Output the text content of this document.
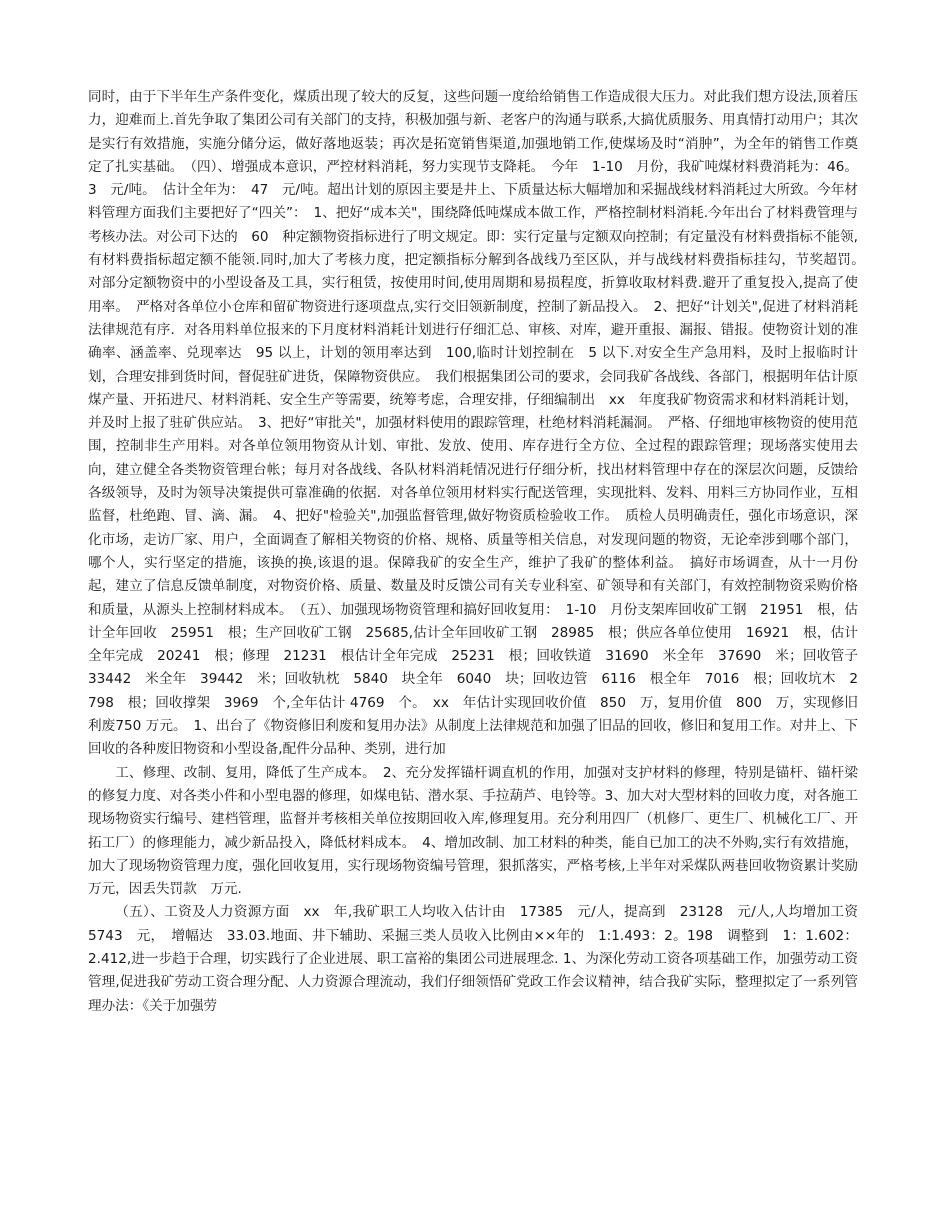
同时，由于下半年生产条件变化，煤质出现了较大的反复，这些问题一度给给销售工作造成很大压力。对此我们想方设法,顶着压力，迎难而上.首先争取了集团公司有关部门的支持，积极加强与新、老客户的沟通与联系,大搞优质服务、用真情打动用户；其次是实行有效措施，实施分储分运，做好落地返装；再次是拓宽销售渠道,加强地销工作,使煤场及时“消肿”，为全年的销售工作奠定了扎实基础。　（四）、增强成本意识，严控材料消耗，努力实现节支降耗。　今年　1-10　月份，我矿吨煤材料费消耗为：46。3　元/吨。　估计全年为：　47　元/吨。超出计划的原因主要是井上、下质量达标大幅增加和采掘战线材料消耗过大所致。今年材料管理方面我们主要把好了“四关”：　1、把好“成本关"，围绕降低吨煤成本做工作，严格控制材料消耗.今年出台了材料费管理与考核办法。对公司下达的　60　种定额物资指标进行了明文规定。即：实行定量与定额双向控制；有定量没有材料费指标不能领,有材料费指标超定额不能领.同时,加大了考核力度，把定额指标分解到各战线乃至区队，并与战线材料费指标挂勾，节奖超罚。　对部分定额物资中的小型设备及工具，实行租赁，按使用时间,使用周期和易损程度，折算收取材料费.避开了重复投入,提高了使用率。　严格对各单位小仓库和留矿物资进行逐项盘点,实行交旧领新制度，控制了新品投入。　2、把好“计划关",促进了材料消耗法律规范有序．对各用料单位报来的下月度材料消耗计划进行仔细汇总、审核、对库，避开重报、漏报、错报。使物资计划的准确率、涵盖率、兑现率达　95 以上，计划的领用率达到　100,临时计划控制在　5 以下.对安全生产急用料，及时上报临时计划，合理安排到货时间，督促驻矿进货，保障物资供应。　我们根据集团公司的要求，会同我矿各战线、各部门，根据明年估计原煤产量、开拓进尺、材料消耗、安全生产等需要，统筹考虑，合理安排，仔细编制出　xx　年度我矿物资需求和材料消耗计划，并及时上报了驻矿供应站。　3、把好“审批关"，加强材料使用的跟踪管理，杜绝材料消耗漏洞。　严格、仔细地审核物资的使用范围，控制非生产用料。对各单位领用物资从计划、审批、发放、使用、库存进行全方位、全过程的跟踪管理；现场落实使用去向，建立健全各类物资管理台帐；每月对各战线、各队材料消耗情况进行仔细分析，找出材料管理中存在的深层次问题，反馈给各级领导，及时为领导决策提供可靠准确的依据．对各单位领用材料实行配送管理，实现批料、发料、用料三方协同作业，互相监督，杜绝跑、冒、滴、漏。　4、把好"检验关",加强监督管理,做好物资质检验收工作。　质检人员明确责任，强化市场意识，深化市场，走访厂家、用户，全面调查了解相关物资的价格、规格、质量等相关信息，对发现问题的物资，无论牵涉到哪个部门，哪个人，实行坚定的措施，该换的换,该退的退。保障我矿的安全生产，维护了我矿的整体利益。　搞好市场调查，从十一月份起，建立了信息反馈单制度，对物资价格、质量、数量及时反馈公司有关专业科室、矿领导和有关部门，有效控制物资采购价格和质量，从源头上控制材料成本。　（五）、加强现场物资管理和搞好回收复用：　1-10　月份支架库回收矿工钢　21951　根，估计全年回收　25951　根；生产回收矿工钢　25685,估计全年回收矿工钢　28985　根；供应各单位使用　16921　根，估计全年完成　20241　根；修理　21231　根估计全年完成　25231　根；回收铁道　31690　米全年　37690　米；回收管子　33442　米全年　39442　米；回收轨枕　5840　块全年　6040　块；回收边管　6116　根全年　7016　根；回收坑木　2798　根；回收撑架　3969　个,全年估计 4769　个。　xx　年估计实现回收价值　850　万，复用价值　800　万，实现修旧利废750 万元。　1、出台了《物资修旧利废和复用办法》从制度上法律规范和加强了旧品的回收，修旧和复用工作。对井上、下回收的各种废旧物资和小型设备,配件分品种、类别，进行加

工、修理、改制、复用，降低了生产成本。　2、充分发挥锚杆调直机的作用，加强对支护材料的修理，特别是锚杆、锚杆梁的修复力度、对各类小件和小型电器的修理，如煤电钻、潜水泵、手拉葫芦、电铃等。3、加大对大型材料的回收力度，对各施工现场物资实行编号、建档管理，监督并考核相关单位按期回收入库,修理复用。充分利用四厂（机修厂、更生厂、机械化工厂、开拓工厂）的修理能力，减少新品投入，降低材料成本。　4、增加改制、加工材料的种类，能自已加工的决不外购,实行有效措施，加大了现场物资管理力度，强化回收复用，实行现场物资编号管理，狠抓落实，严格考核,上半年对采煤队两巷回收物资累计奖励　万元，因丢失罚款　万元.

（五）、工资及人力资源方面　xx　年,我矿职工人均收入估计由　17385　元/人，提高到　23128　元/人,人均增加工资　5743　元，　增幅达　33.03.地面、井下辅助、采掘三类人员收入比例由××年的　1:1.493：2。198　调整到　1：1.602：2.412,进一步趋于合理，切实践行了企业进展、职工富裕的集团公司进展理念. 1、为深化劳动工资各项基础工作，加强劳动工资管理,促进我矿劳动工资合理分配、人力资源合理流动，我们仔细领悟矿党政工作会议精神，结合我矿实际，整理拟定了一系列管理办法：《关于加强劳
